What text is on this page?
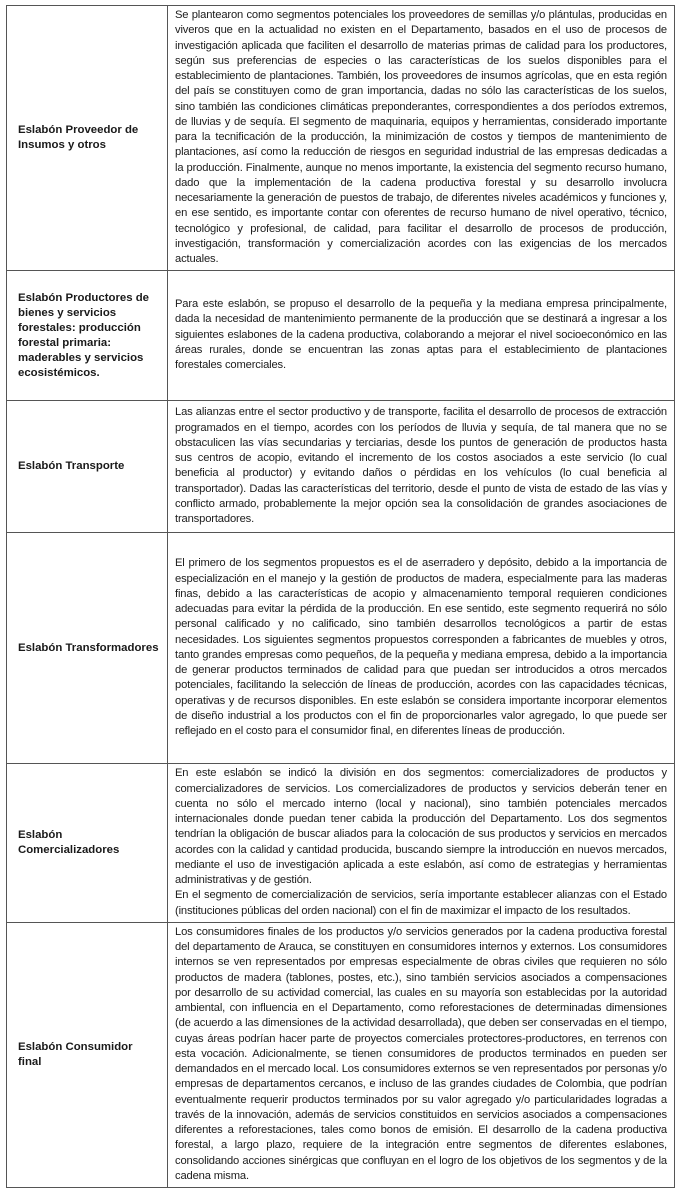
Eslabón Proveedor de Insumos y otros	Se plantearon como segmentos potenciales los proveedores de semillas y/o plántulas, producidas en viveros que en la actualidad no existen en el Departamento, basados en el uso de procesos de investigación aplicada que faciliten el desarrollo de materias primas de calidad para los productores, según sus preferencias de especies o las características de los suelos disponibles para el establecimiento de plantaciones. También, los proveedores de insumos agrícolas, que en esta región del país se constituyen como de gran importancia, dadas no sólo las características de los suelos, sino también las condiciones climáticas preponderantes, correspondientes a dos períodos extremos, de lluvias y de sequía. El segmento de maquinaria, equipos y herramientas, considerado importante para la tecnificación de la producción, la minimización de costos y tiempos de mantenimiento de plantaciones, así como la reducción de riesgos en seguridad industrial de las empresas dedicadas a la producción. Finalmente, aunque no menos importante, la existencia del segmento recurso humano, dado que la implementación de la cadena productiva forestal y su desarrollo involucra necesariamente la generación de puestos de trabajo, de diferentes niveles académicos y funciones y, en ese sentido, es importante contar con oferentes de recurso humano de nivel operativo, técnico, tecnológico y profesional, de calidad, para facilitar el desarrollo de procesos de producción, investigación, transformación y comercialización acordes con las exigencias de los mercados actuales.

Eslabón Productores de bienes y servicios forestales: producción forestal primaria: maderables y servicios ecosistémicos.	Para este eslabón, se propuso el desarrollo de la pequeña y la mediana empresa principalmente, dada la necesidad de mantenimiento permanente de la producción que se destinará a ingresar a los siguientes eslabones de la cadena productiva, colaborando a mejorar el nivel socioeconómico en las áreas rurales, donde se encuentran las zonas aptas para el establecimiento de plantaciones forestales comerciales.

Eslabón Transporte	Las alianzas entre el sector productivo y de transporte, facilita el desarrollo de procesos de extracción programados en el tiempo, acordes con los períodos de lluvia y sequía, de tal manera que no se obstaculicen las vías secundarias y terciarias, desde los puntos de generación de productos hasta sus centros de acopio, evitando el incremento de los costos asociados a este servicio (lo cual beneficia al productor) y evitando daños o pérdidas en los vehículos (lo cual beneficia al transportador). Dadas las características del territorio, desde el punto de vista de estado de las vías y conflicto armado, probablemente la mejor opción sea la consolidación de grandes asociaciones de transportadores.

Eslabón Transformadores	El primero de los segmentos propuestos es el de aserradero y depósito, debido a la importancia de especialización en el manejo y la gestión de productos de madera, especialmente para las maderas finas, debido a las características de acopio y almacenamiento temporal requieren condiciones adecuadas para evitar la pérdida de la producción. En ese sentido, este segmento requerirá no sólo personal calificado y no calificado, sino también desarrollos tecnológicos a partir de estas necesidades. Los siguientes segmentos propuestos corresponden a fabricantes de muebles y otros, tanto grandes empresas como pequeños, de la pequeña y mediana empresa, debido a la importancia de generar productos terminados de calidad para que puedan ser introducidos a otros mercados potenciales, facilitando la selección de líneas de producción, acordes con las capacidades técnicas, operativas y de recursos disponibles. En este eslabón se considera importante incorporar elementos de diseño industrial a los productos con el fin de proporcionarles valor agregado, lo que puede ser reflejado en el costo para el consumidor final, en diferentes líneas de producción.

Eslabón Comercializadores	En este eslabón se indicó la división en dos segmentos: comercializadores de productos y comercializadores de servicios. Los comercializadores de productos y servicios deberán tener en cuenta no sólo el mercado interno (local y nacional), sino también potenciales mercados internacionales donde puedan tener cabida la producción del Departamento. Los dos segmentos tendrían la obligación de buscar aliados para la colocación de sus productos y servicios en mercados acordes con la calidad y cantidad producida, buscando siempre la introducción en nuevos mercados, mediante el uso de investigación aplicada a este eslabón, así como de estrategias y herramientas administrativas y de gestión.

En el segmento de comercialización de servicios, sería importante establecer alianzas con el Estado (instituciones públicas del orden nacional) con el fin de maximizar el impacto de los resultados.

Eslabón Consumidor final	Los consumidores finales de los productos y/o servicios generados por la cadena productiva forestal del departamento de Arauca, se constituyen en consumidores internos y externos. Los consumidores internos se ven representados por empresas especialmente de obras civiles que requieren no sólo productos de madera (tablones, postes, etc.), sino también servicios asociados a compensaciones por desarrollo de su actividad comercial, las cuales en su mayoría son establecidas por la autoridad ambiental, con influencia en el Departamento, como reforestaciones de determinadas dimensiones (de acuerdo a las dimensiones de la actividad desarrollada), que deben ser conservadas en el tiempo, cuyas áreas podrían hacer parte de proyectos comerciales protectores-productores, en terrenos con esta vocación. Adicionalmente, se tienen consumidores de productos terminados en pueden ser demandados en el mercado local. Los consumidores externos se ven representados por personas y/o empresas de departamentos cercanos, e incluso de las grandes ciudades de Colombia, que podrían eventualmente requerir productos terminados por su valor agregado y/o particularidades logradas a través de la innovación, además de servicios constituidos en servicios asociados a compensaciones diferentes a reforestaciones, tales como bonos de emisión. El desarrollo de la cadena productiva forestal, a largo plazo, requiere de la integración entre segmentos de diferentes eslabones, consolidando acciones sinérgicas que confluyan en el logro de los objetivos de los segmentos y de la cadena misma.
